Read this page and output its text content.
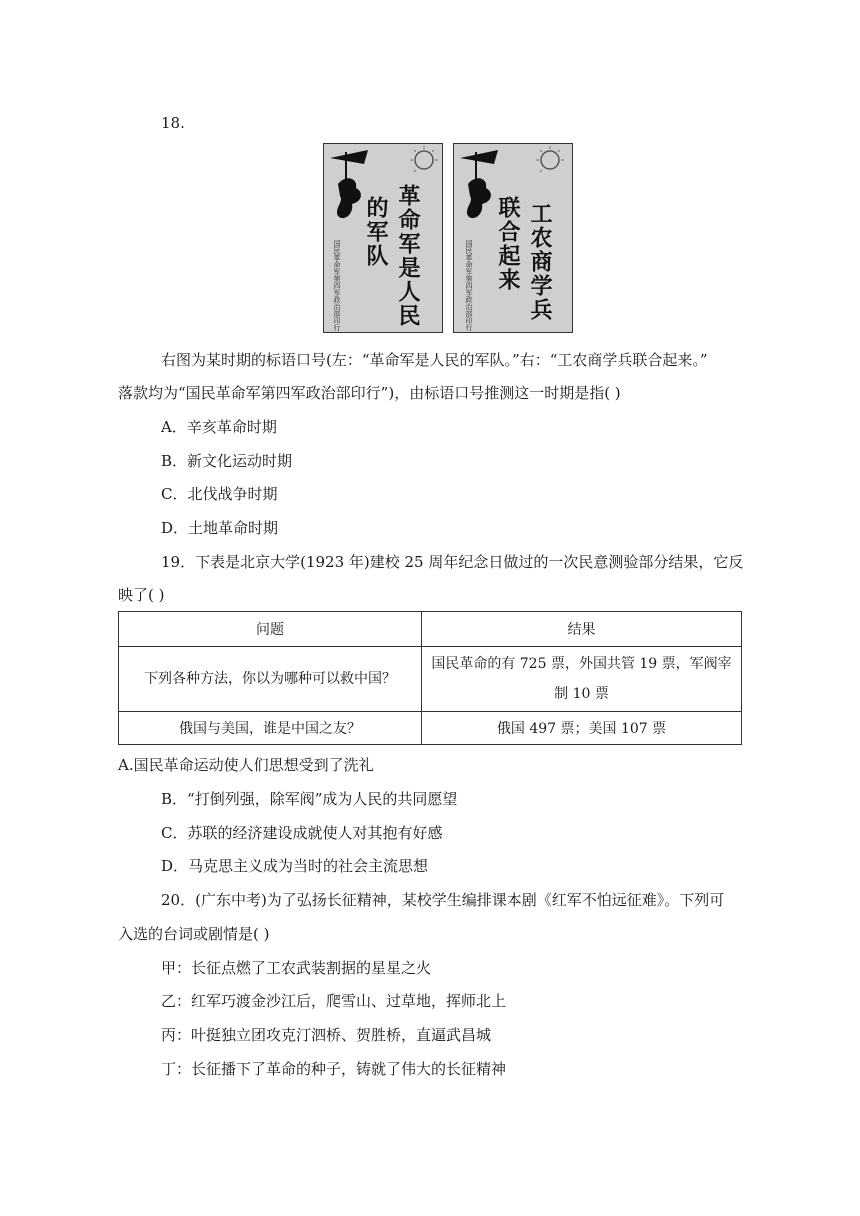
18.
革命军是人民
的军队
国民革命军第四军政治部印行	工农商学兵
联合起来
国民革命军第四军政治部印行
右图为某时期的标语口号(左：“革命军是人民的军队。”右：“工农商学兵联合起来。”
落款均为“国民革命军第四军政治部印行”)，由标语口号推测这一时期是指( )
A．辛亥革命时期
B．新文化运动时期
C．北伐战争时期
D．土地革命时期
19．下表是北京大学(1923 年)建校 25 周年纪念日做过的一次民意测验部分结果，它反
映了( )
问题	结果
下列各种方法，你以为哪种可以救中国？	国民革命的有 725 票，外国共管 19 票，军阀宰
制 10 票
俄国与美国，谁是中国之友？	俄国 497 票；美国 107 票
A.国民革命运动使人们思想受到了洗礼
B．“打倒列强，除军阀”成为人民的共同愿望
C．苏联的经济建设成就使人对其抱有好感
D．马克思主义成为当时的社会主流思想
20．(广东中考)为了弘扬长征精神，某校学生编排课本剧《红军不怕远征难》。下列可
入选的台词或剧情是( )
甲：长征点燃了工农武装割据的星星之火
乙：红军巧渡金沙江后，爬雪山、过草地，挥师北上
丙：叶挺独立团攻克汀泗桥、贺胜桥，直逼武昌城
丁：长征播下了革命的种子，铸就了伟大的长征精神
